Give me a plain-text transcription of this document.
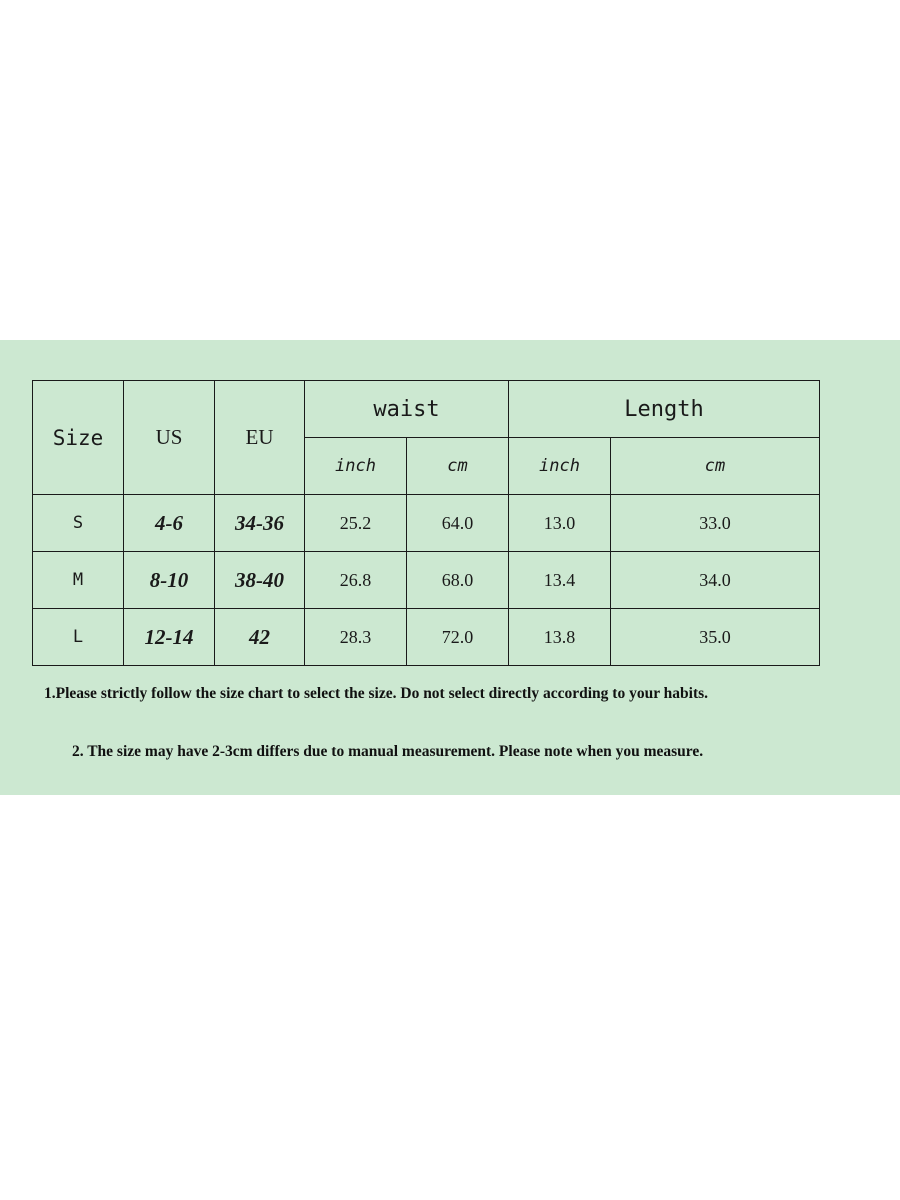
Size	US	EU	waist		Length	
			inch	cm	inch	cm
S	4-6	34-36	25.2	64.0	13.0	33.0
M	8-10	38-40	26.8	68.0	13.4	34.0
L	12-14	42	28.3	72.0	13.8	35.0
1.Please strictly follow the size chart to select the size. Do not select directly according to your habits.
2. The size may have 2-3cm differs due to manual measurement. Please note when you measure.
